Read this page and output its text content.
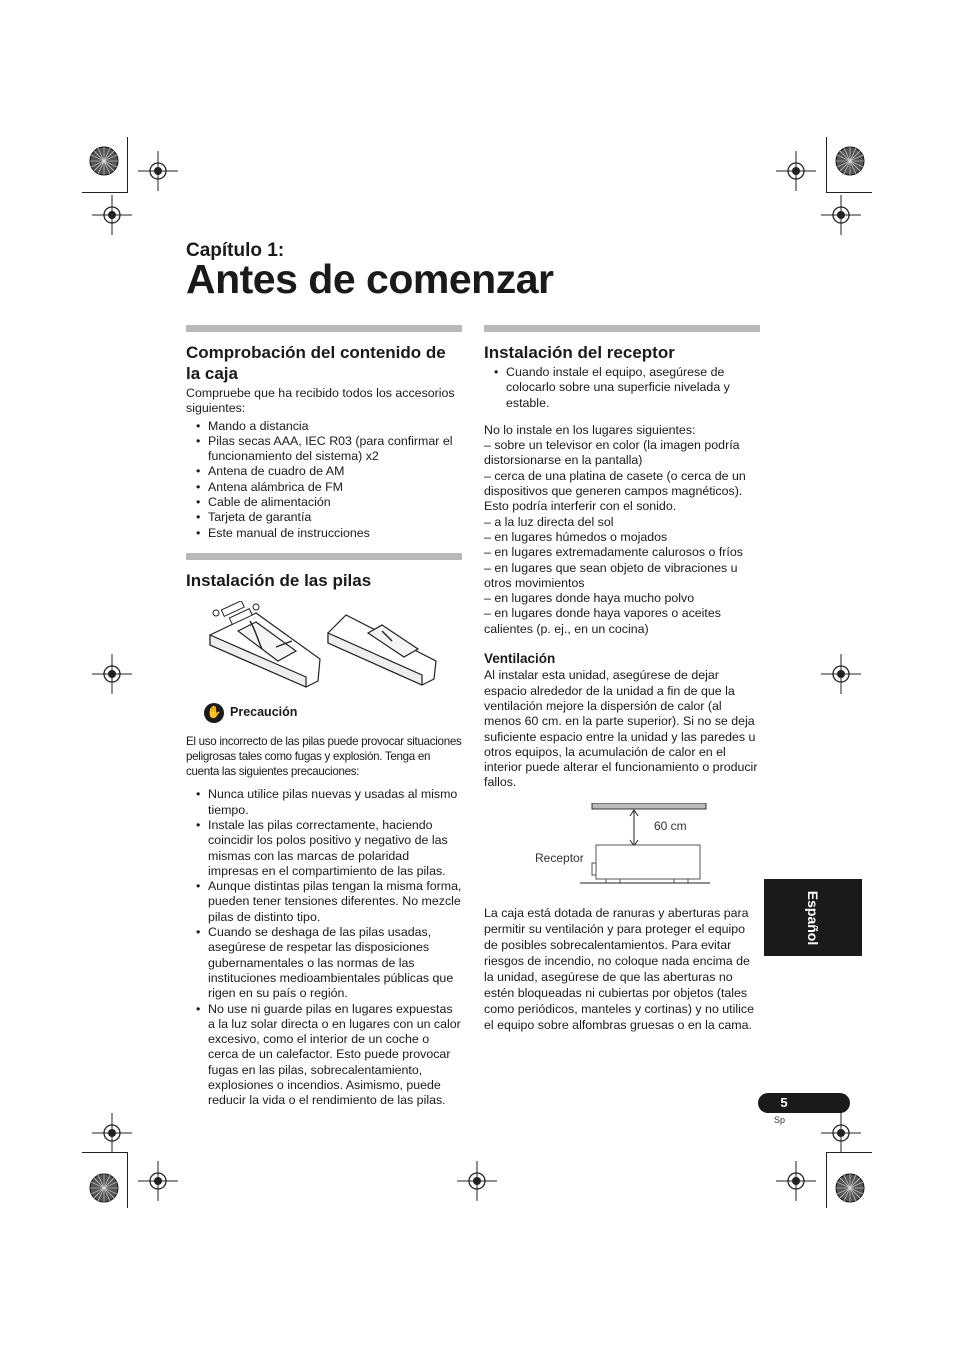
Capítulo 1:
Antes de comenzar
Comprobación del contenido de la caja

Compruebe que ha recibido todos los accesorios siguientes:

• Mando a distancia
• Pilas secas AAA, IEC R03 (para confirmar el funcionamiento del sistema) x2
• Antena de cuadro de AM
• Antena alámbrica de FM
• Cable de alimentación
• Tarjeta de garantía
• Este manual de instrucciones
Instalación de las pilas
✋ Precaución

El uso incorrecto de las pilas puede provocar situaciones peligrosas tales como fugas y explosión. Tenga en cuenta las siguientes precauciones:

• Nunca utilice pilas nuevas y usadas al mismo tiempo.
• Instale las pilas correctamente, haciendo coincidir los polos positivo y negativo de las mismas con las marcas de polaridad impresas en el compartimiento de las pilas.
• Aunque distintas pilas tengan la misma forma, pueden tener tensiones diferentes. No mezcle pilas de distinto tipo.
• Cuando se deshaga de las pilas usadas, asegúrese de respetar las disposiciones gubernamentales o las normas de las instituciones medioambientales públicas que rigen en su país o región.
• No use ni guarde pilas en lugares expuestas a la luz solar directa o en lugares con un calor excesivo, como el interior de un coche o cerca de un calefactor. Esto puede provocar fugas en las pilas, sobrecalentamiento, explosiones o incendios. Asimismo, puede reducir la vida o el rendimiento de las pilas.
Instalación del receptor
• Cuando instale el equipo, asegúrese de colocarlo sobre una superficie nivelada y estable.

No lo instale en los lugares siguientes:

– sobre un televisor en color (la imagen podría distorsionarse en la pantalla)

– cerca de una platina de casete (o cerca de un dispositivos que generen campos magnéticos). Esto podría interferir con el sonido.

– a la luz directa del sol

– en lugares húmedos o mojados

– en lugares extremadamente calurosos o fríos

– en lugares que sean objeto de vibraciones u otros movimientos

– en lugares donde haya mucho polvo

– en lugares donde haya vapores o aceites calientes (p. ej., en un cocina)

Ventilación

Al instalar esta unidad, asegúrese de dejar espacio alrededor de la unidad a fin de que la ventilación mejore la dispersión de calor (al menos 60 cm. en la parte superior). Si no se deja suficiente espacio entre la unidad y las paredes u otros equipos, la acumulación de calor en el interior puede alterar el funcionamiento o producir fallos.

60 cm
Receptor

La caja está dotada de ranuras y aberturas para permitir su ventilación y para proteger el equipo de posibles sobrecalentamientos. Para evitar riesgos de incendio, no coloque nada encima de la unidad, asegúrese de que las aberturas no estén bloqueadas ni cubiertas por objetos (tales como periódicos, manteles y cortinas) y no utilice el equipo sobre alfombras gruesas o en la cama.

Español
5
Sp
